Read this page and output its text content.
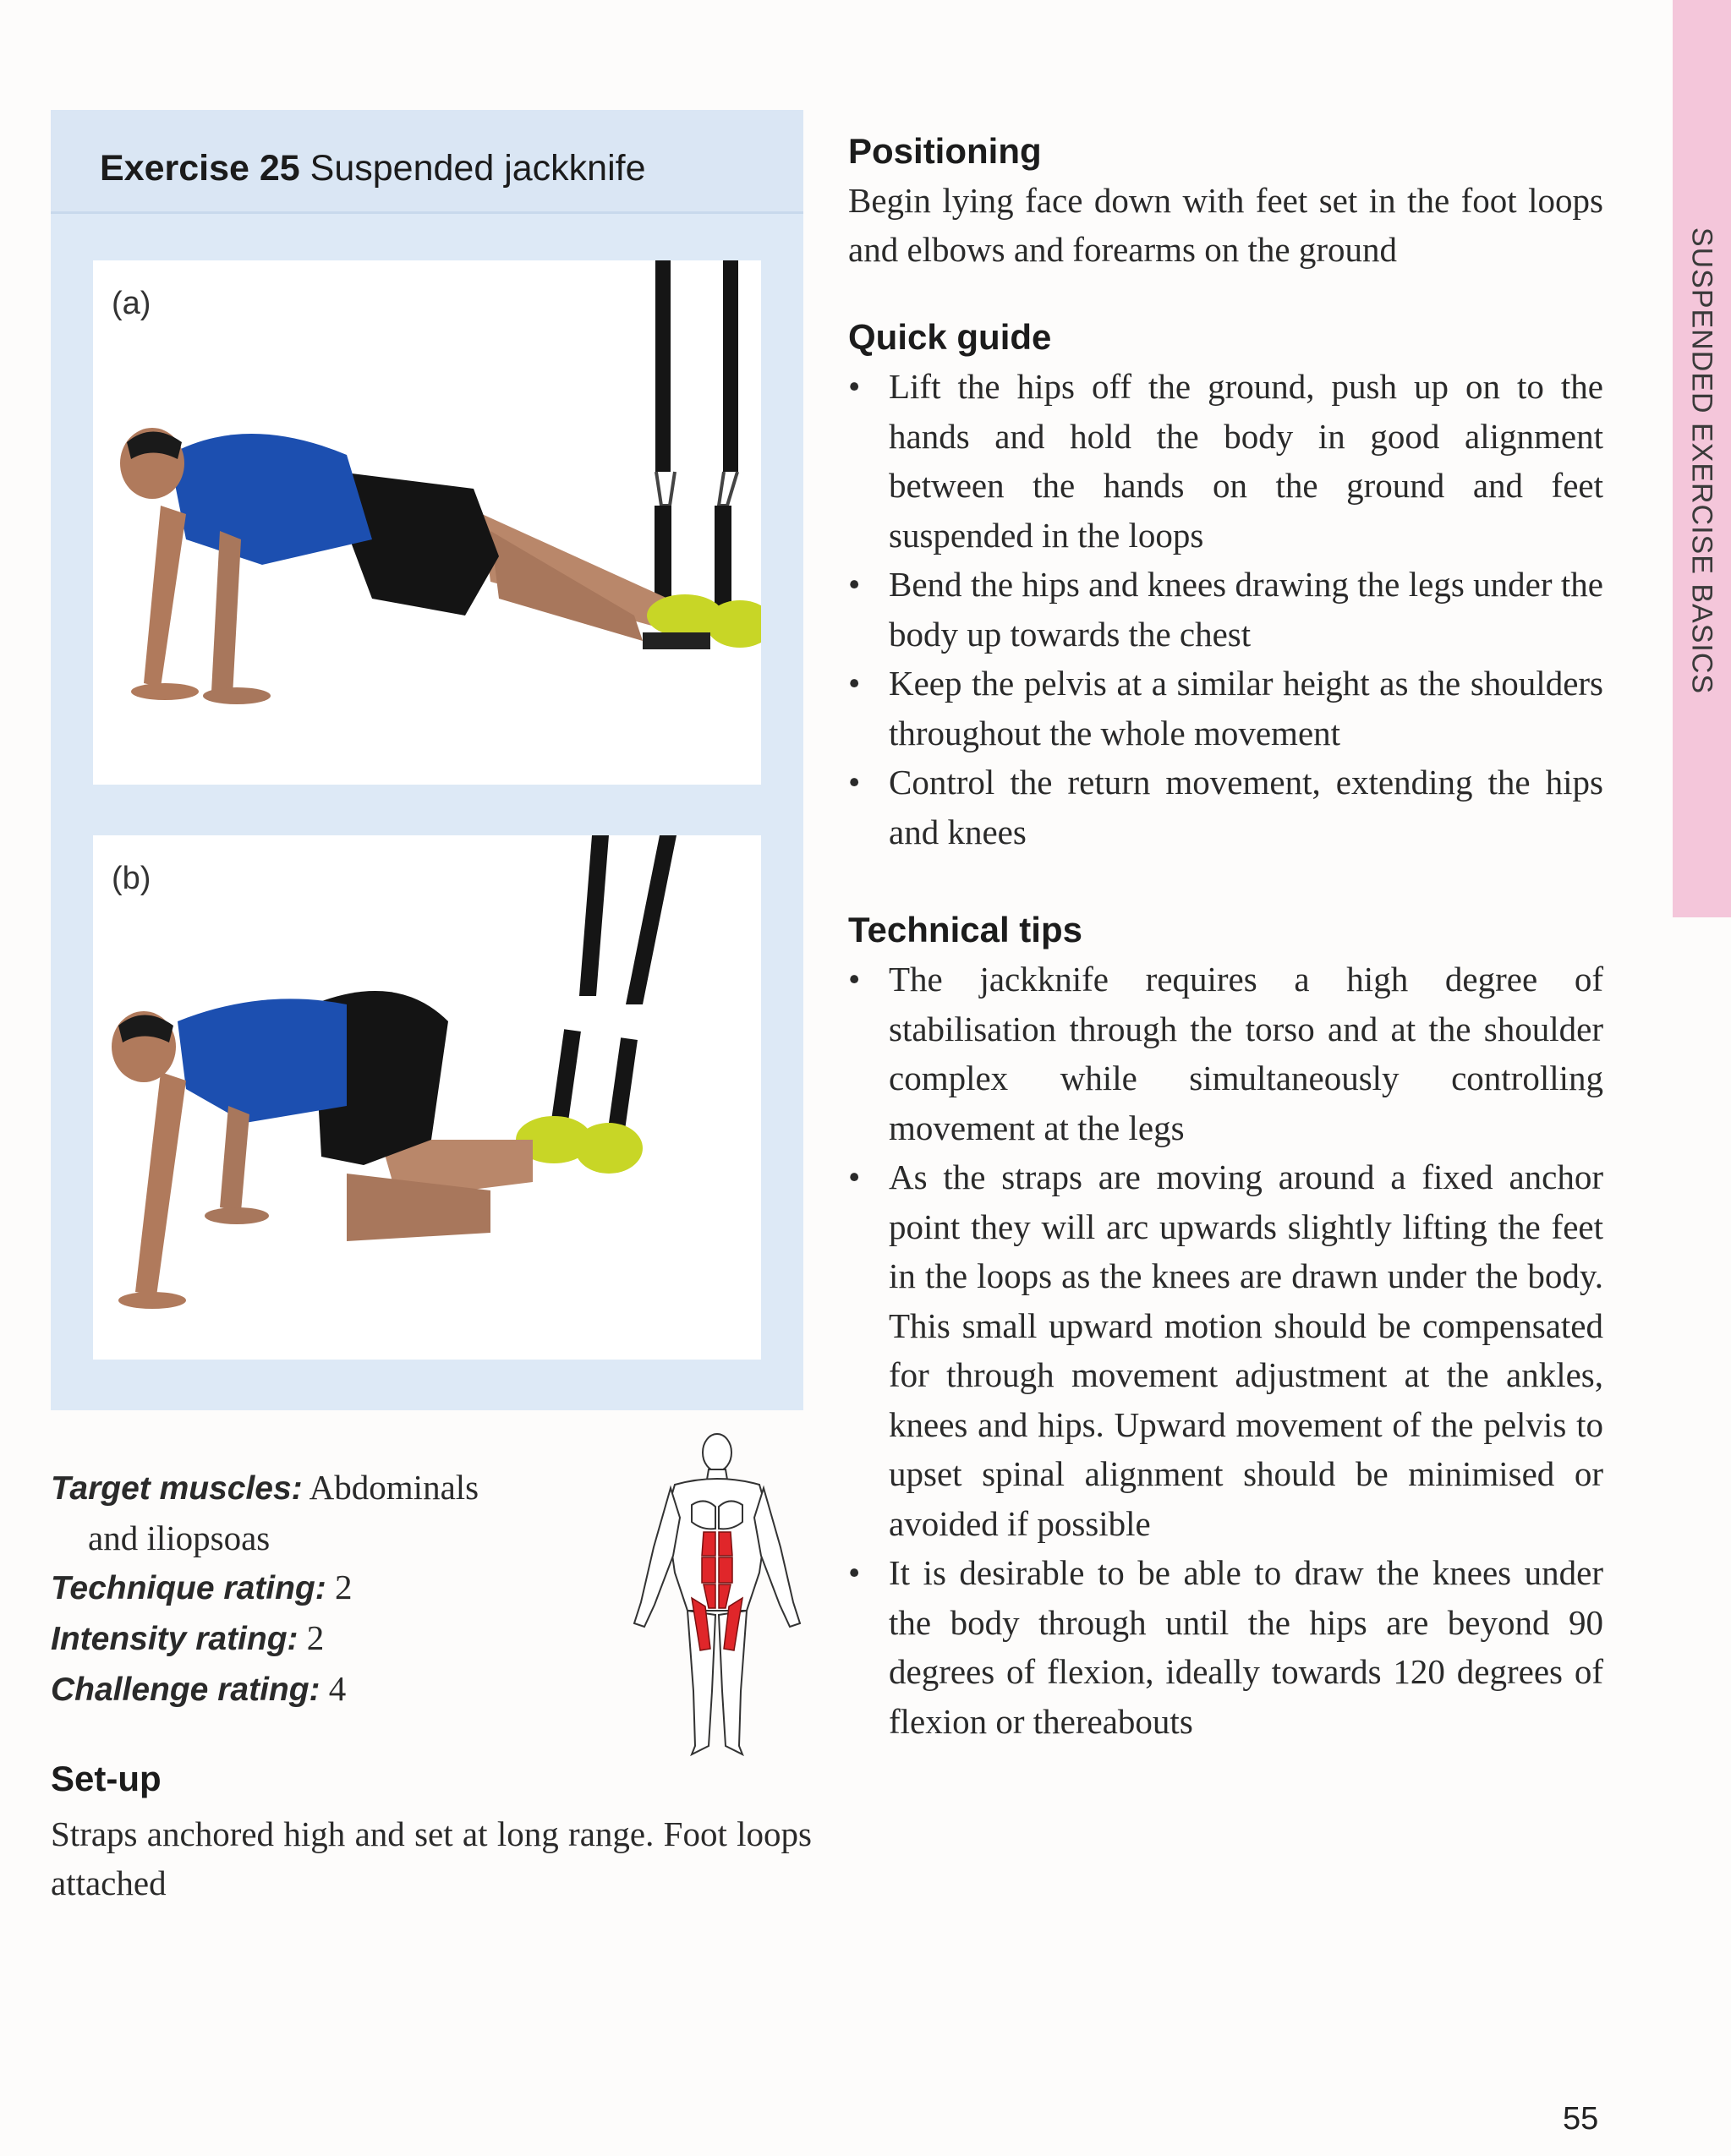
SUSPENDED EXERCISE BASICS
Exercise 25 Suspended jackknife
(a)
(b)
Target muscles: Abdominals
and iliopsoas
Technique rating: 2
Intensity rating: 2
Challenge rating: 4
Set-up
Straps anchored high and set at long range. Foot loops attached
Positioning

Begin lying face down with feet set in the foot loops and elbows and forearms on the ground

Quick guide
• Lift the hips off the ground, push up on to the hands and hold the body in good alignment between the hands on the ground and feet suspended in the loops
• Bend the hips and knees drawing the legs under the body up towards the chest
• Keep the pelvis at a similar height as the shoulders throughout the whole movement
• Control the return movement, extending the hips and knees
Technical tips
• The jackknife requires a high degree of stabilisation through the torso and at the shoulder complex while simultaneously controlling movement at the legs
• As the straps are moving around a fixed anchor point they will arc upwards slightly lifting the feet in the loops as the knees are drawn under the body. This small upward motion should be compensated for through movement adjustment at the ankles, knees and hips. Upward movement of the pelvis to upset spinal alignment should be minimised or avoided if possible
• It is desirable to be able to draw the knees under the body through until the hips are beyond 90 degrees of flexion, ideally towards 120 degrees of flexion or thereabouts
55
